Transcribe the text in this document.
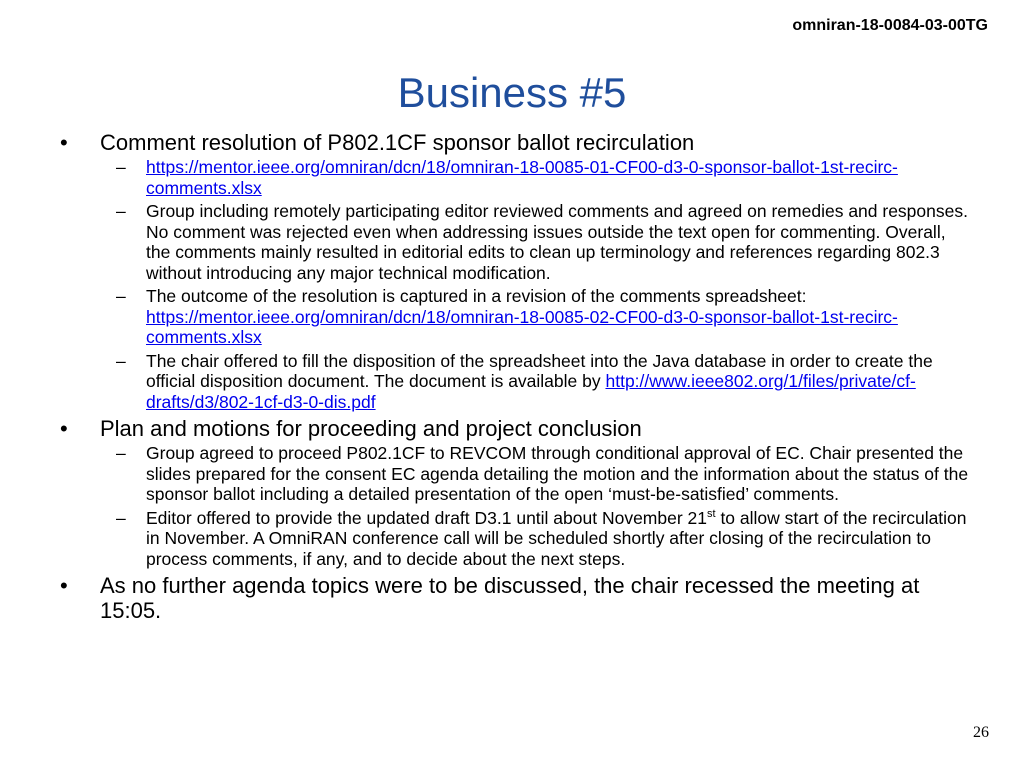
omniran-18-0084-03-00TG
Business #5
•	Comment resolution of P802.1CF sponsor ballot recirculation
– https://mentor.ieee.org/omniran/dcn/18/omniran-18-0085-01-CF00-d3-0-sponsor-ballot-1st-recirc-comments.xlsx
– Group including remotely participating editor reviewed comments and agreed on remedies and responses. No comment was rejected even when addressing issues outside the text open for commenting. Overall, the comments mainly resulted in editorial edits to clean up terminology and references regarding 802.3 without introducing any major technical modification.
– The outcome of the resolution is captured in a revision of the comments spreadsheet: https://mentor.ieee.org/omniran/dcn/18/omniran-18-0085-02-CF00-d3-0-sponsor-ballot-1st-recirc-comments.xlsx
– The chair offered to fill the disposition of the spreadsheet into the Java database in order to create the official disposition document. The document is available by http://www.ieee802.org/1/files/private/cf-drafts/d3/802-1cf-d3-0-dis.pdf
•	Plan and motions for proceeding and project conclusion
– Group agreed to proceed P802.1CF to REVCOM through conditional approval of EC. Chair presented the slides prepared for the consent EC agenda detailing the motion and the information about the status of the sponsor ballot including a detailed presentation of the open ‘must-be-satisfied’ comments.
– Editor offered to provide the updated draft D3.1 until about November 21st to allow start of the recirculation in November. A OmniRAN conference call will be scheduled shortly after closing of the recirculation to process comments, if any, and to decide about the next steps.
•	As no further agenda topics were to be discussed, the chair recessed the meeting at 15:05.
26
